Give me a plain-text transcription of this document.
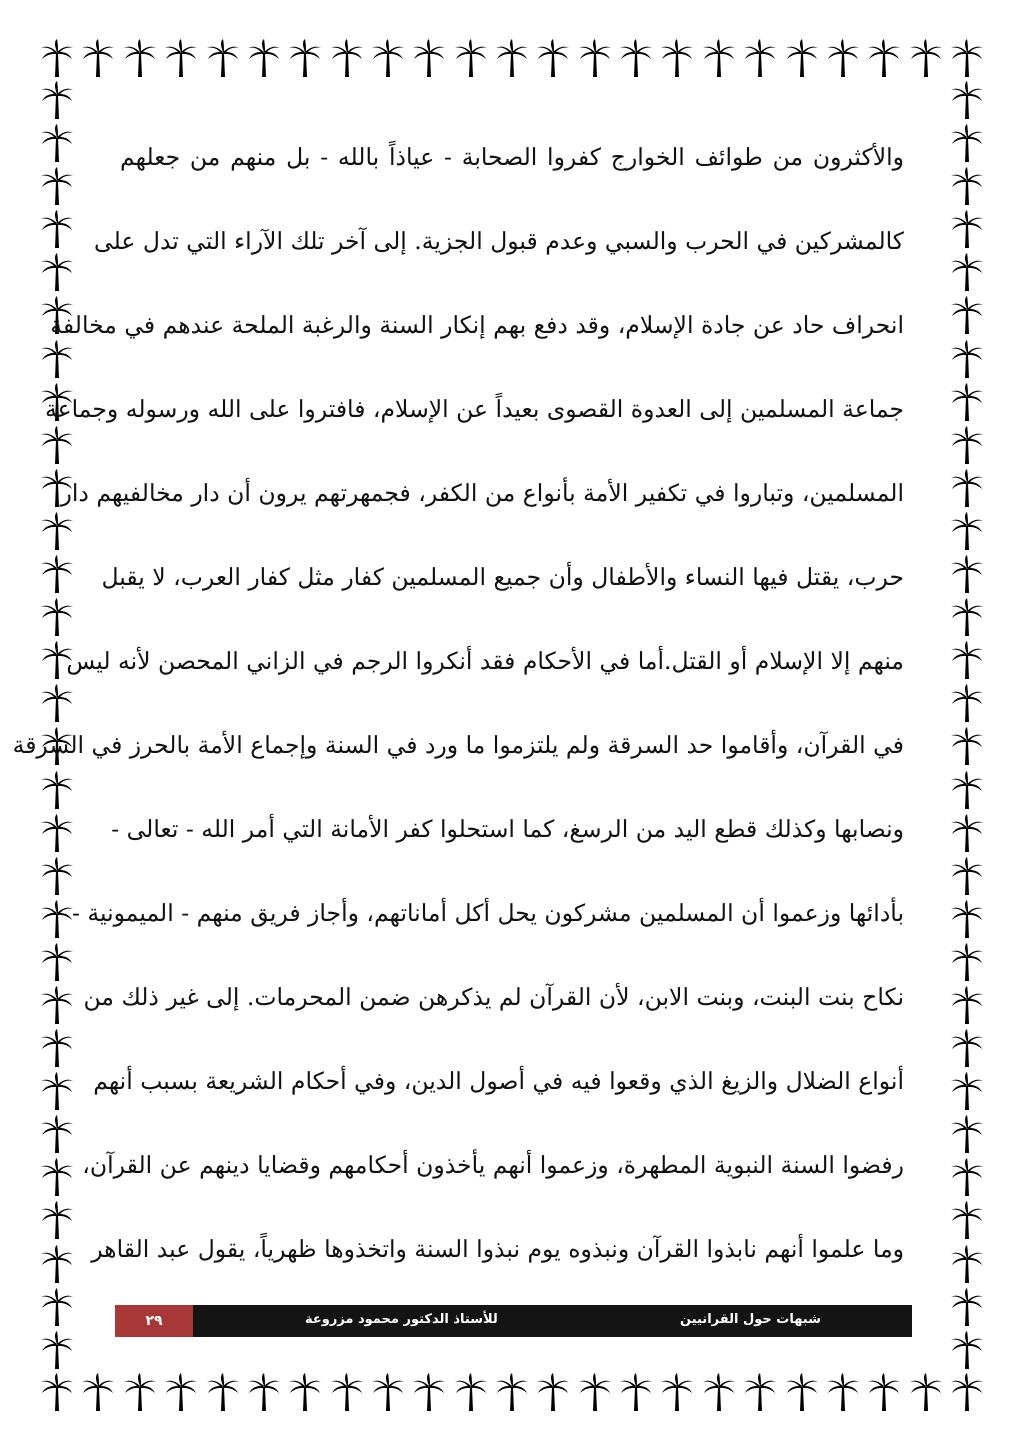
والأكثرون من طوائف الخوارج كفروا الصحابة - عياذاً بالله - بل منهم من جعلهم
كالمشركين في الحرب والسبي وعدم قبول الجزية. إلى آخر تلك الآراء التي تدل على
انحراف حاد عن جادة الإسلام، وقد دفع بهم إنكار السنة والرغبة الملحة عندهم في مخالفة
جماعة المسلمين إلى العدوة القصوى بعيداً عن الإسلام، فافتروا على الله ورسوله وجماعة
المسلمين، وتباروا في تكفير الأمة بأنواع من الكفر، فجمهرتهم يرون أن دار مخالفيهم دار
حرب، يقتل فيها النساء والأطفال وأن جميع المسلمين كفار مثل كفار العرب، لا يقبل
منهم إلا الإسلام أو القتل.أما في الأحكام فقد أنكروا الرجم في الزاني المحصن لأنه ليس
في القرآن، وأقاموا حد السرقة ولم يلتزموا ما ورد في السنة وإجماع الأمة بالحرز في السرقة
ونصابها وكذلك قطع اليد من الرسغ، كما استحلوا كفر الأمانة التي أمر الله - تعالى -
بأدائها وزعموا أن المسلمين مشركون يحل أكل أماناتهم، وأجاز فريق منهم - الميمونية -
نكاح بنت البنت، وبنت الابن، لأن القرآن لم يذكرهن ضمن المحرمات. إلى غير ذلك من
أنواع الضلال والزيغ الذي وقعوا فيه في أصول الدين، وفي أحكام الشريعة بسبب أنهم
رفضوا السنة النبوية المطهرة، وزعموا أنهم يأخذون أحكامهم وقضايا دينهم عن القرآن،
وما علموا أنهم نابذوا القرآن ونبذوه يوم نبذوا السنة واتخذوها ظهرياً، يقول عبد القاهر
٢٩	للأستاذ الدكتور محمود مزروعة	شبهات حول القرانيين
